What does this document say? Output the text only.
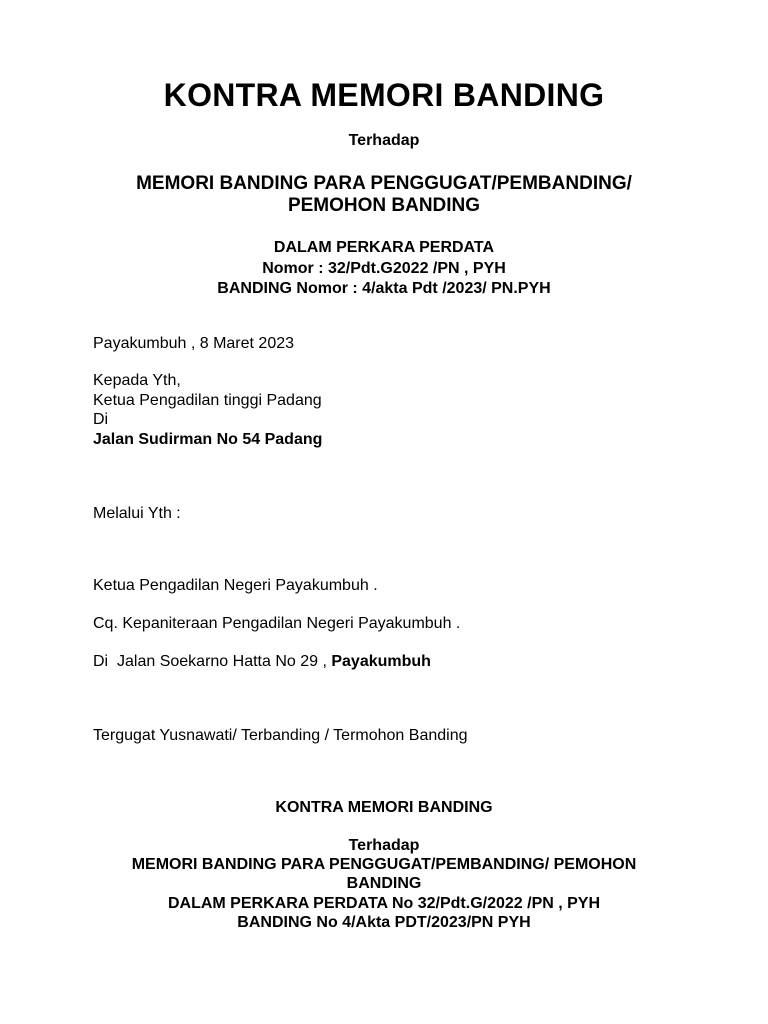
KONTRA MEMORI BANDING
Terhadap
MEMORI BANDING PARA PENGGUGAT/PEMBANDING/
PEMOHON BANDING
DALAM PERKARA PERDATA
Nomor : 32/Pdt.G2022 /PN , PYH
BANDING Nomor : 4/akta Pdt /2023/ PN.PYH
Payakumbuh , 8 Maret 2023
Kepada Yth,
Ketua Pengadilan tinggi Padang
Di
Jalan Sudirman No 54 Padang
Melalui Yth :
Ketua Pengadilan Negeri Payakumbuh .
Cq. Kepaniteraan Pengadilan Negeri Payakumbuh .
Di  Jalan Soekarno Hatta No 29 , Payakumbuh
Tergugat Yusnawati/ Terbanding / Termohon Banding
KONTRA MEMORI BANDING
Terhadap
MEMORI BANDING PARA PENGGUGAT/PEMBANDING/ PEMOHON
BANDING
DALAM PERKARA PERDATA No 32/Pdt.G/2022 /PN , PYH
BANDING No 4/Akta PDT/2023/PN PYH
